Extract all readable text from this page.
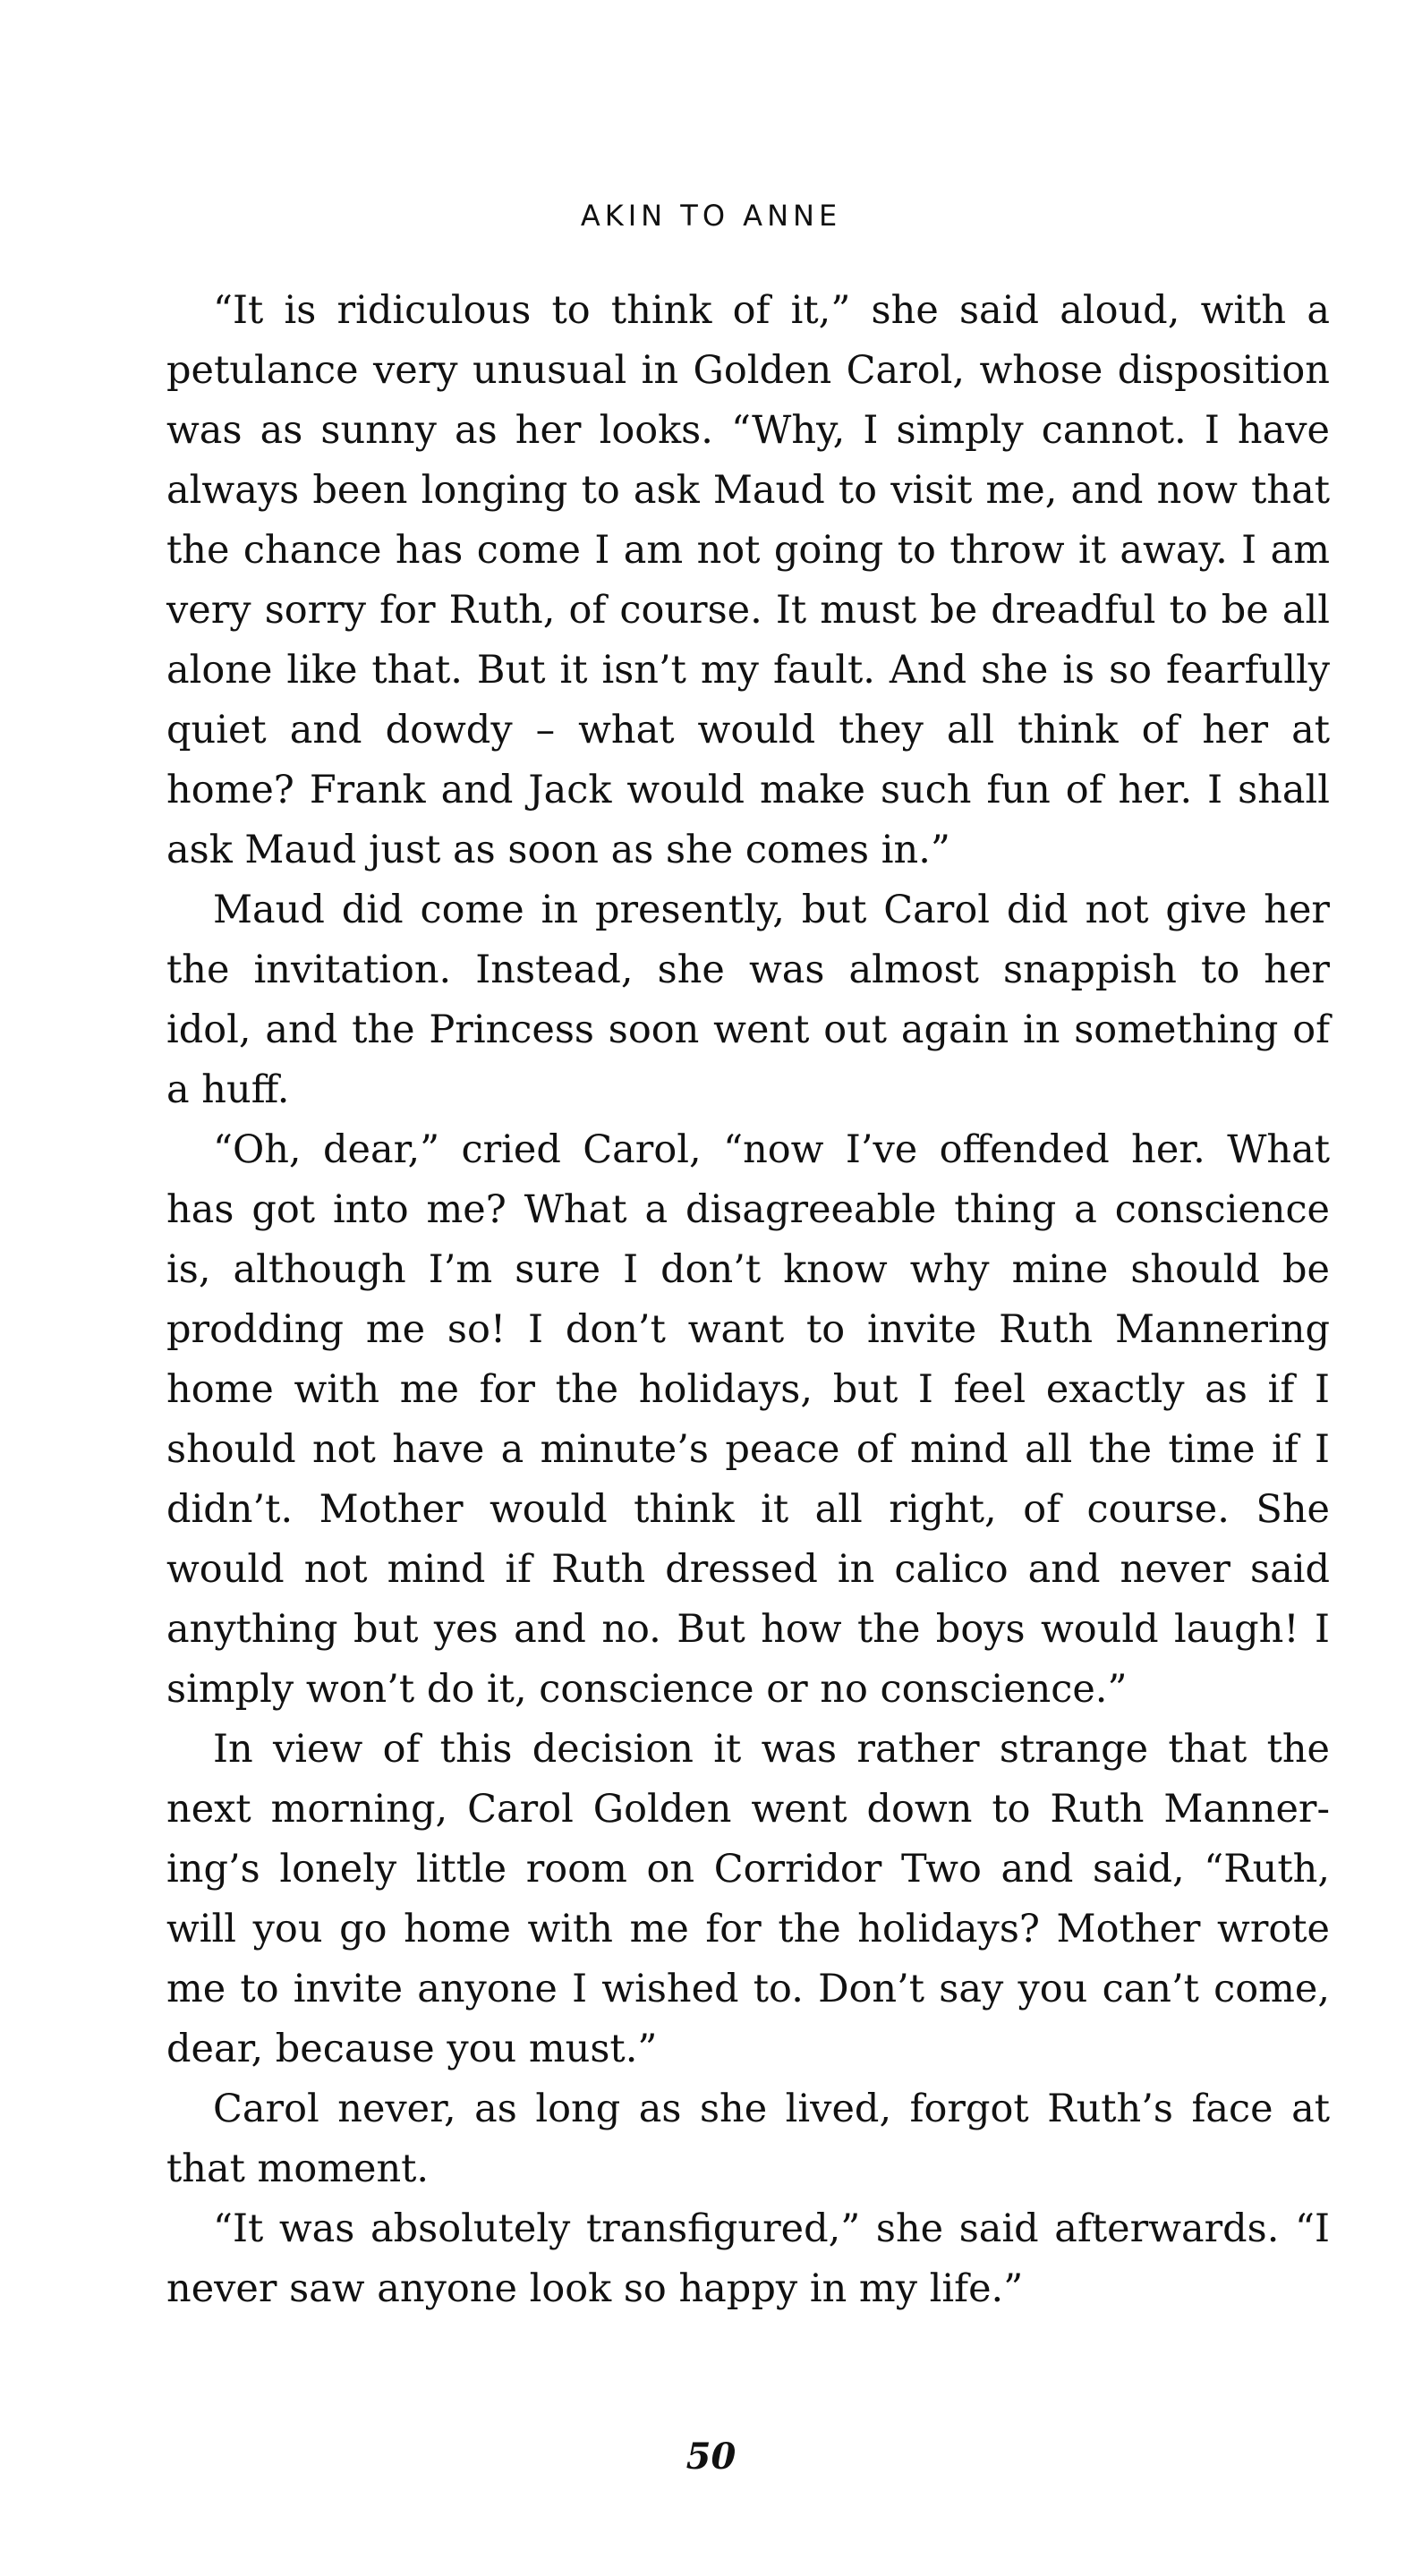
AKIN TO ANNE

“It is ridiculous to think of it,” she said aloud, with a petulance very unusual in Golden Carol, whose disposition was as sunny as her looks. “Why, I simply cannot. I have always been longing to ask Maud to visit me, and now that the chance has come I am not going to throw it away. I am very sorry for Ruth, of course. It must be dreadful to be all alone like that. But it isn’t my fault. And she is so fearfully quiet and dowdy – what would they all think of her at home? Frank and Jack would make such fun of her. I shall ask Maud just as soon as she comes in.”

Maud did come in presently, but Carol did not give her the invitation. Instead, she was almost snappish to her idol, and the Princess soon went out again in something of a huff.

“Oh, dear,” cried Carol, “now I’ve offended her. What has got into me? What a disagreeable thing a conscience is, although I’m sure I don’t know why mine should be prodding me so! I don’t want to invite Ruth Mannering home with me for the holidays, but I feel exactly as if I should not have a minute’s peace of mind all the time if I didn’t. Mother would think it all right, of course. She would not mind if Ruth dressed in calico and never said anything but yes and no. But how the boys would laugh! I simply won’t do it, conscience or no conscience.”

In view of this decision it was rather strange that the next morning, Carol Golden went down to Ruth Mannering’s lonely little room on Corridor Two and said, “Ruth, will you go home with me for the holidays? Mother wrote me to invite anyone I wished to. Don’t say you can’t come, dear, because you must.”

Carol never, as long as she lived, forgot Ruth’s face at that moment.

“It was absolutely transfigured,” she said afterwards. “I never saw anyone look so happy in my life.”

50
